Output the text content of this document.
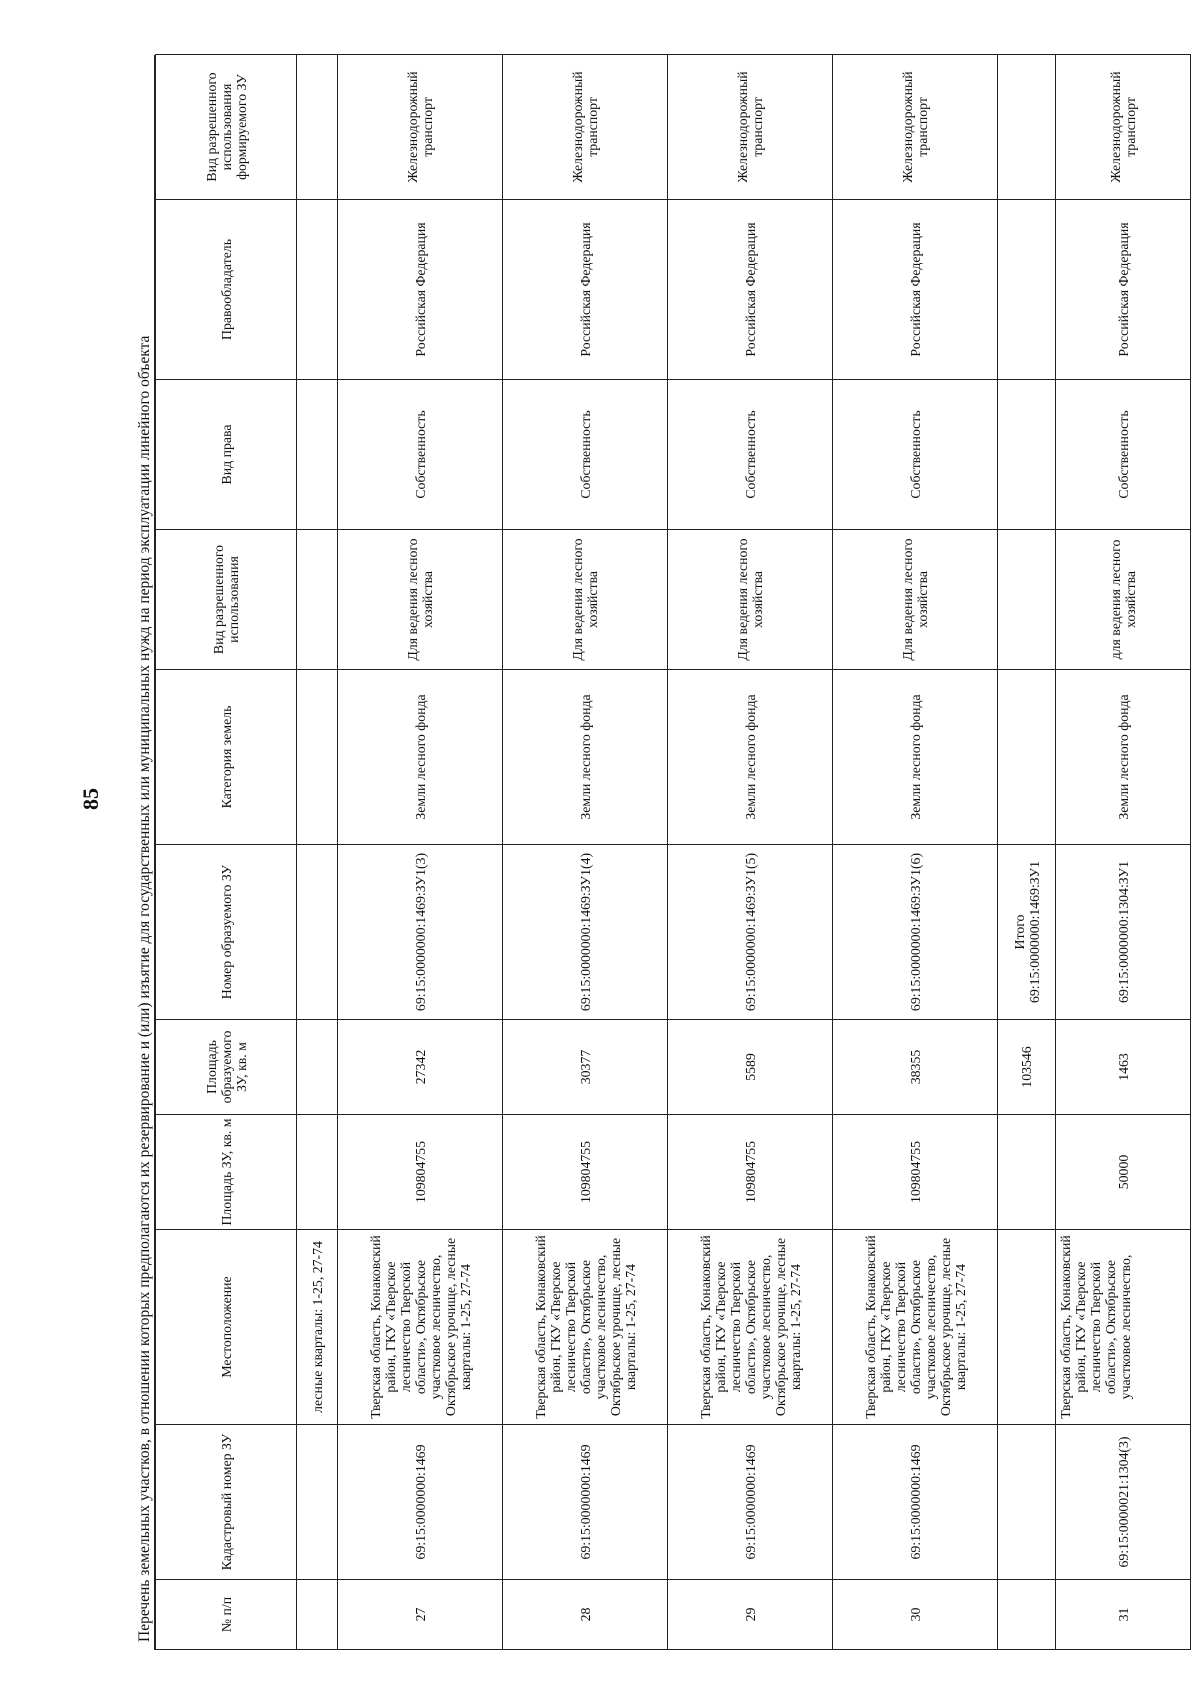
85 Перечень земельных участков, в отношении которых предполагаются их резервирование и (или) изъятие для государственных или муниципальных нужд на период эксплуатации линейного объекта	№ п/п	Кадастровый номер ЗУ	Местоположение	Площадь ЗУ, кв. м	Площадь образуемого ЗУ, кв. м	Номер образуемого ЗУ	Категория земель	Вид разрешенного использования	Вид права	Правообладатель	Вид разрешенного использования формируемого ЗУ
		лесные кварталы: 1-25, 27-74								
27	69:15:0000000:1469	Тверская область, Конаковский район, ГКУ «Тверское лесничество Тверской области», Октябрьское участковое лесничество, Октябрьское урочище, лесные кварталы: 1-25, 27-74	109804755	27342	69:15:0000000:1469:ЗУ1(3)	Земли лесного фонда	Для ведения лесного хозяйства	Собственность	Российская Федерация	Железнодорожный транспорт
28	69:15:0000000:1469	Тверская область, Конаковский район, ГКУ «Тверское лесничество Тверской области», Октябрьское участковое лесничество, Октябрьское урочище, лесные кварталы: 1-25, 27-74	109804755	30377	69:15:0000000:1469:ЗУ1(4)	Земли лесного фонда	Для ведения лесного хозяйства	Собственность	Российская Федерация	Железнодорожный транспорт
29	69:15:0000000:1469	Тверская область, Конаковский район, ГКУ «Тверское лесничество Тверской области», Октябрьское участковое лесничество, Октябрьское урочище, лесные кварталы: 1-25, 27-74	109804755	5589	69:15:0000000:1469:ЗУ1(5)	Земли лесного фонда	Для ведения лесного хозяйства	Собственность	Российская Федерация	Железнодорожный транспорт
30	69:15:0000000:1469	Тверская область, Конаковский район, ГКУ «Тверское лесничество Тверской области», Октябрьское участковое лесничество, Октябрьское урочище, лесные кварталы: 1-25, 27-74	109804755	38355	69:15:0000000:1469:ЗУ1(6)	Земли лесного фонда	Для ведения лесного хозяйства	Собственность	Российская Федерация	Железнодорожный транспорт
				103546	Итого 69:15:0000000:1469:ЗУ1					
31	69:15:0000021:1304(3)	Тверская область, Конаковский район, ГКУ «Тверское лесничество Тверской области», Октябрьское участковое лесничество,	50000	1463	69:15:0000000:1304:ЗУ1	Земли лесного фонда	для ведения лесного хозяйства	Собственность	Российская Федерация	Железнодорожный транспорт
